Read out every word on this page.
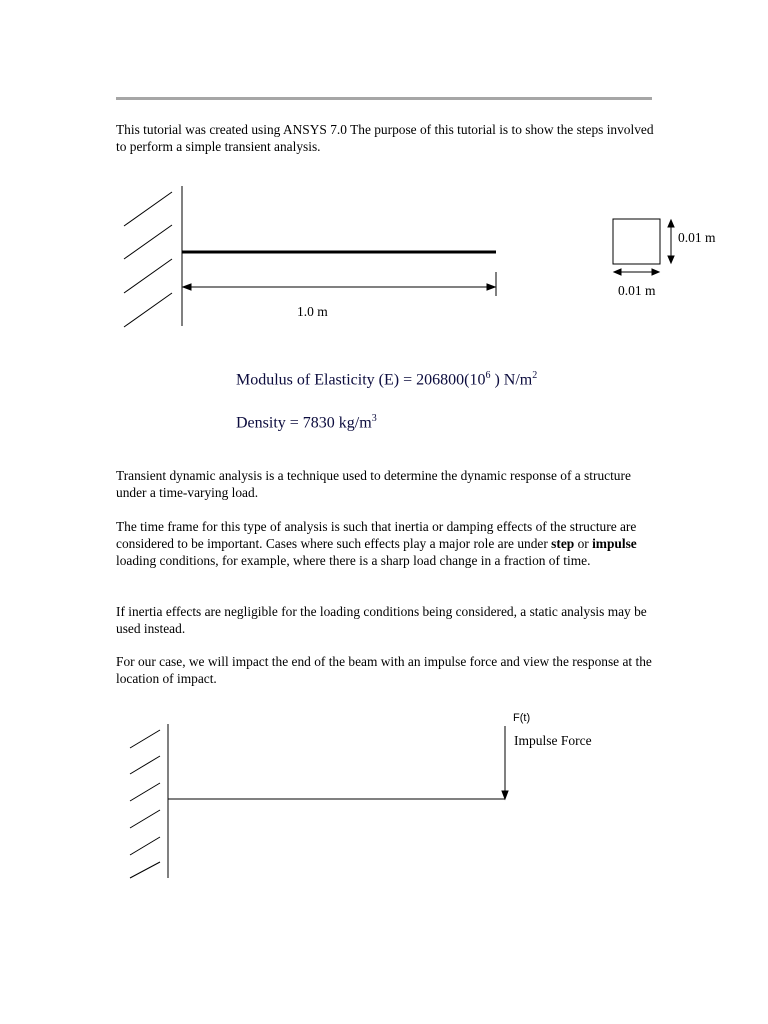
This tutorial was created using ANSYS 7.0 The purpose of this tutorial is to show the steps involved to perform a simple transient analysis.

1.0 m
0.01 m
0.01 m
Modulus of Elasticity $(E) = 206800(10^6$ ) $N/m^2$
Density = 7830 $kg/m^3$

Transient dynamic analysis is a technique used to determine the dynamic response of a structure under a time-varying load.

The time frame for this type of analysis is such that inertia or damping effects of the structure are considered to be important. Cases where such effects play a major role are under step or impulse loading conditions, for example, where there is a sharp load change in a fraction of time.

If inertia effects are negligible for the loading conditions being considered, a static analysis may be used instead.

For our case, we will impact the end of the beam with an impulse force and view the response at the location of impact.

F(t)
Impulse Force
